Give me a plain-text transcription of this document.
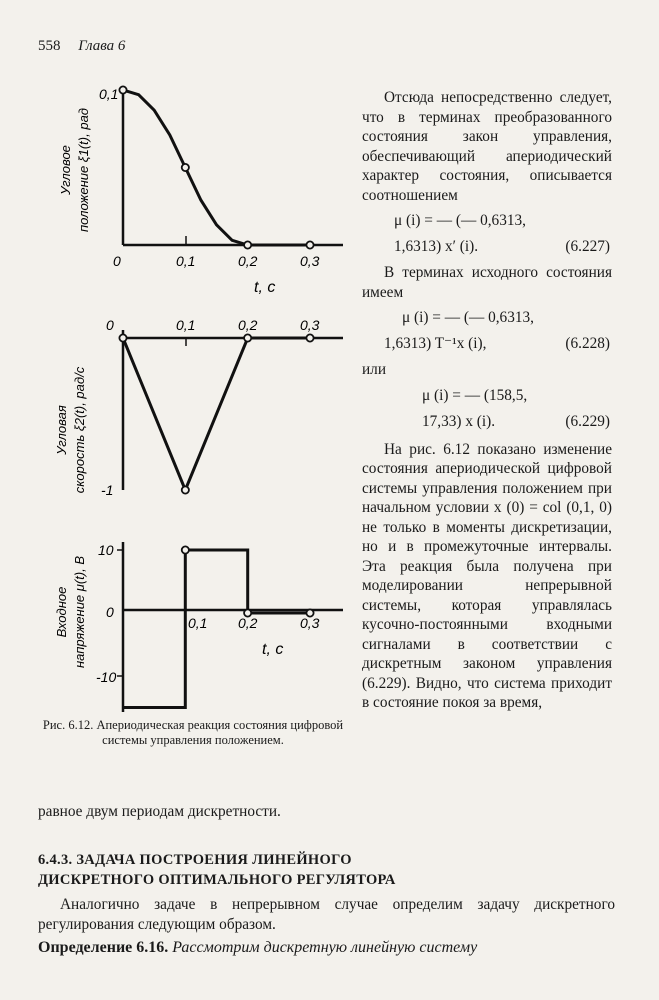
558 Глава 6
0,1
0	0,1	0,2	0,3
t, c
Угловое положение ξ1(t), рад
0	0,1	0,2	0,3
-1
Угловая скорость ξ2(t), рад/с
10
0
-10
0,1 0,2	0,3
t, c
Входное напряжение μ(t), В
Рис. 6.12. Апериодическая реакция состояния цифровой системы управления положением.

Отсюда непосредственно следует, что в терминах преобразованного состояния закон управления, обеспечивающий апериодический характер состояния, описывается соотношением

μ (i) = — (— 0,6313,
1,6313) x′ (i).	(6.227)

В терминах исходного состояния имеем

μ (i) = — (— 0,6313,
1,6313) T⁻¹x (i),	(6.228)

или

μ (i) = — (158,5,
17,33) x (i).	(6.229)

На рис. 6.12 показано изменение состояния апериодической цифровой системы управления положением при начальном условии x (0) = col (0,1, 0) не только в моменты дискретизации, но и в промежуточные интервалы. Эта реакция была получена при моделировании непрерывной системы, которая управлялась кусочно-постоянными входными сигналами в соответствии с дискретным законом управления (6.229). Видно, что система приходит в состояние покоя за время,

равное двум периодам дискретности.
6.4.3. ЗАДАЧА ПОСТРОЕНИЯ ЛИНЕЙНОГО
ДИСКРЕТНОГО ОПТИМАЛЬНОГО РЕГУЛЯТОРА
Аналогично задаче в непрерывном случае определим задачу дискретного регулирования следующим образом.
Определение 6.16. Рассмотрим дискретную линейную систему
